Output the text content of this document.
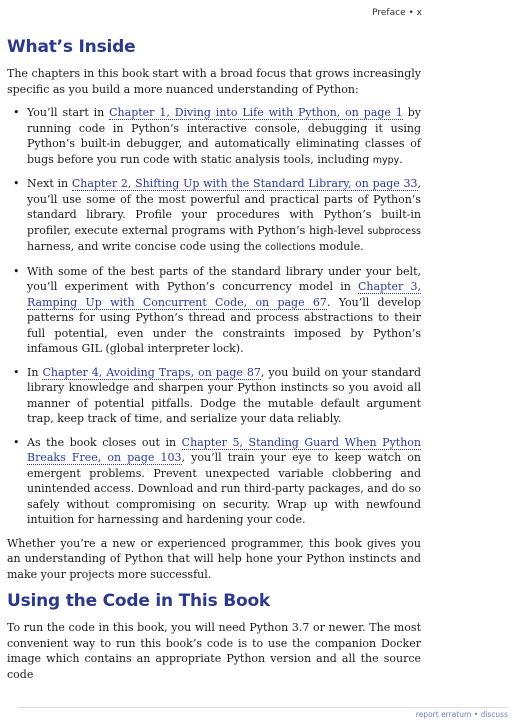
Preface • x
What’s Inside

The chapters in this book start with a broad focus that grows increasingly specific as you build a more nuanced understanding of Python:

• You’ll start in Chapter 1, Diving into Life with Python, on page 1 by running code in Python’s interactive console, debugging it using Python’s built-in debugger, and automatically eliminating classes of bugs before you run code with static analysis tools, including mypy.
• Next in Chapter 2, Shifting Up with the Standard Library, on page 33, you’ll use some of the most powerful and practical parts of Python’s standard library. Profile your procedures with Python’s built-in profiler, execute external programs with Python’s high-level subprocess harness, and write concise code using the collections module.
• With some of the best parts of the standard library under your belt, you’ll experiment with Python’s concurrency model in Chapter 3, Ramping Up with Concurrent Code, on page 67. You’ll develop patterns for using Python’s thread and process abstractions to their full potential, even under the constraints imposed by Python’s infamous GIL (global interpreter lock).
• In Chapter 4, Avoiding Traps, on page 87, you build on your standard library knowledge and sharpen your Python instincts so you avoid all manner of potential pitfalls. Dodge the mutable default argument trap, keep track of time, and serialize your data reliably.
• As the book closes out in Chapter 5, Standing Guard When Python Breaks Free, on page 103, you’ll train your eye to keep watch on emergent problems. Prevent unexpected variable clobbering and unintended access. Download and run third-party packages, and do so safely without compromising on security. Wrap up with newfound intuition for harnessing and hardening your code.

Whether you’re a new or experienced programmer, this book gives you an understanding of Python that will help hone your Python instincts and make your projects more successful.

Using the Code in This Book

To run the code in this book, you will need Python 3.7 or newer. The most convenient way to run this book’s code is to use the companion Docker image which contains an appropriate Python version and all the source code

report erratum • discuss
